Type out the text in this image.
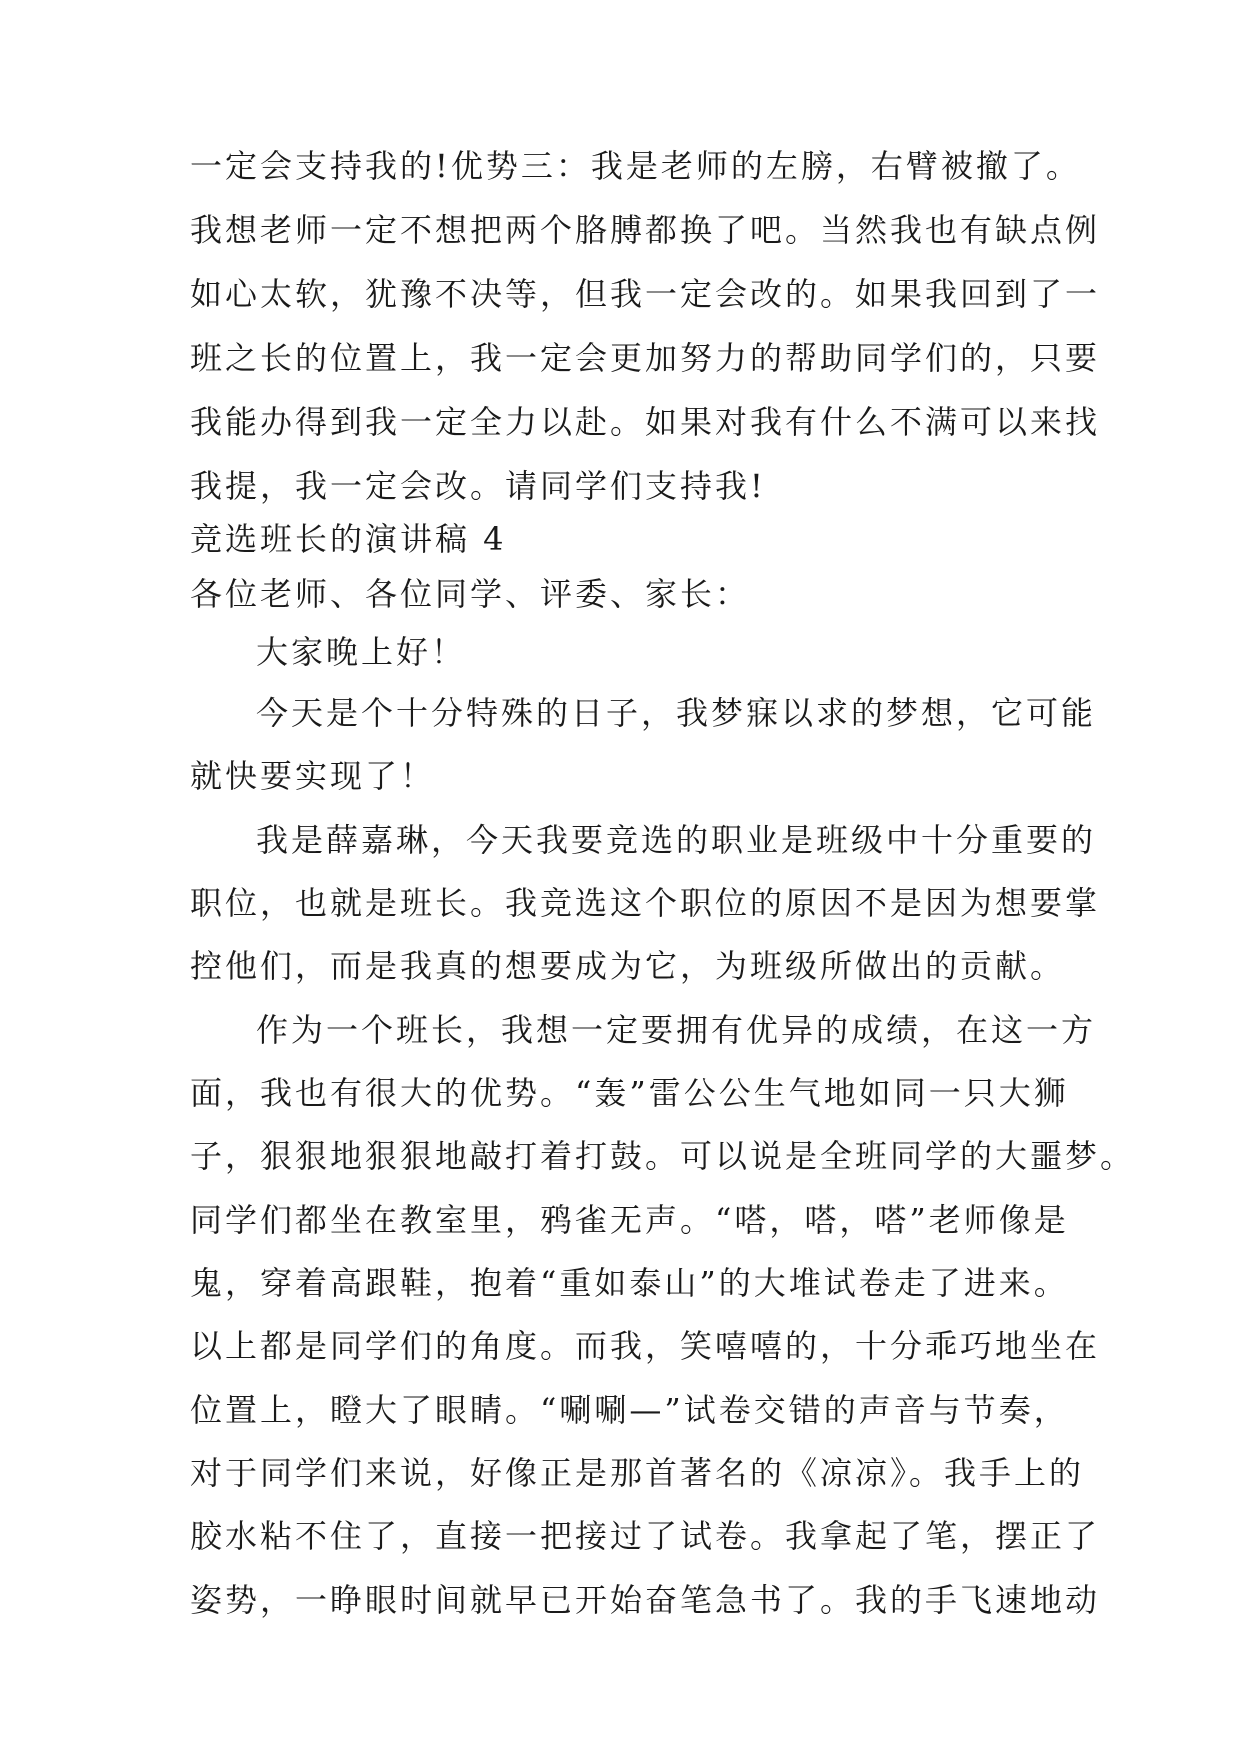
一定会支持我的!优势三：我是老师的左膀，右臂被撤了。
我想老师一定不想把两个胳膊都换了吧。当然我也有缺点例
如心太软，犹豫不决等，但我一定会改的。如果我回到了一
班之长的位置上，我一定会更加努力的帮助同学们的，只要
我能办得到我一定全力以赴。如果对我有什么不满可以来找
我提，我一定会改。请同学们支持我!
竞选班长的演讲稿 4
各位老师、各位同学、评委、家长：
大家晚上好！
今天是个十分特殊的日子，我梦寐以求的梦想，它可能
就快要实现了！
我是薛嘉琳，今天我要竞选的职业是班级中十分重要的
职位，也就是班长。我竞选这个职位的原因不是因为想要掌
控他们，而是我真的想要成为它，为班级所做出的贡献。
作为一个班长，我想一定要拥有优异的成绩，在这一方
面，我也有很大的优势。“轰”雷公公生气地如同一只大狮
子，狠狠地狠狠地敲打着打鼓。可以说是全班同学的大噩梦。
同学们都坐在教室里，鸦雀无声。“嗒，嗒，嗒”老师像是
鬼，穿着高跟鞋，抱着“重如泰山”的大堆试卷走了进来。
以上都是同学们的角度。而我，笑嘻嘻的，十分乖巧地坐在
位置上，瞪大了眼睛。“唰唰—”试卷交错的声音与节奏，
对于同学们来说，好像正是那首著名的《凉凉》。我手上的
胶水粘不住了，直接一把接过了试卷。我拿起了笔，摆正了
姿势，一睁眼时间就早已开始奋笔急书了。我的手飞速地动
